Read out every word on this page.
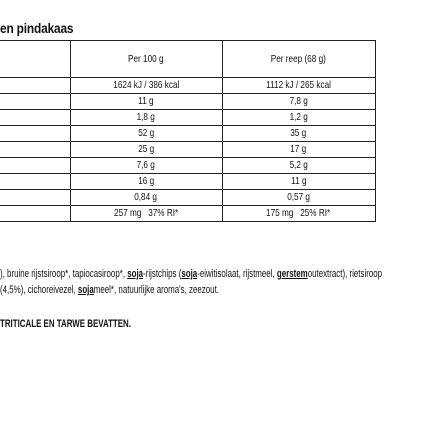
en pindakaas
	Per 100 g	Per reep (68 g)
	1624 kJ / 386 kcal	1112 kJ / 265 kcal
	11 g	7,8 g
	1,8 g	1,2 g
	52 g	35 g
	25 g	17 g
	7,6 g	5,2 g
	16 g	11 g
	0,84 g	0,57 g
	257 mg   37% RI*	175 mg   25% RI*
), bruine rijstsiroop*, tapiocasiroop*, soja-rijstchips (soja-eiwitisolaat, rijstmeel, gerstemoutextract), rietsiroop
(4,5%), cichoreivezel, sojameel*, natuurlijke aroma's, zeezout.
TRITICALE EN TARWE BEVATTEN.
